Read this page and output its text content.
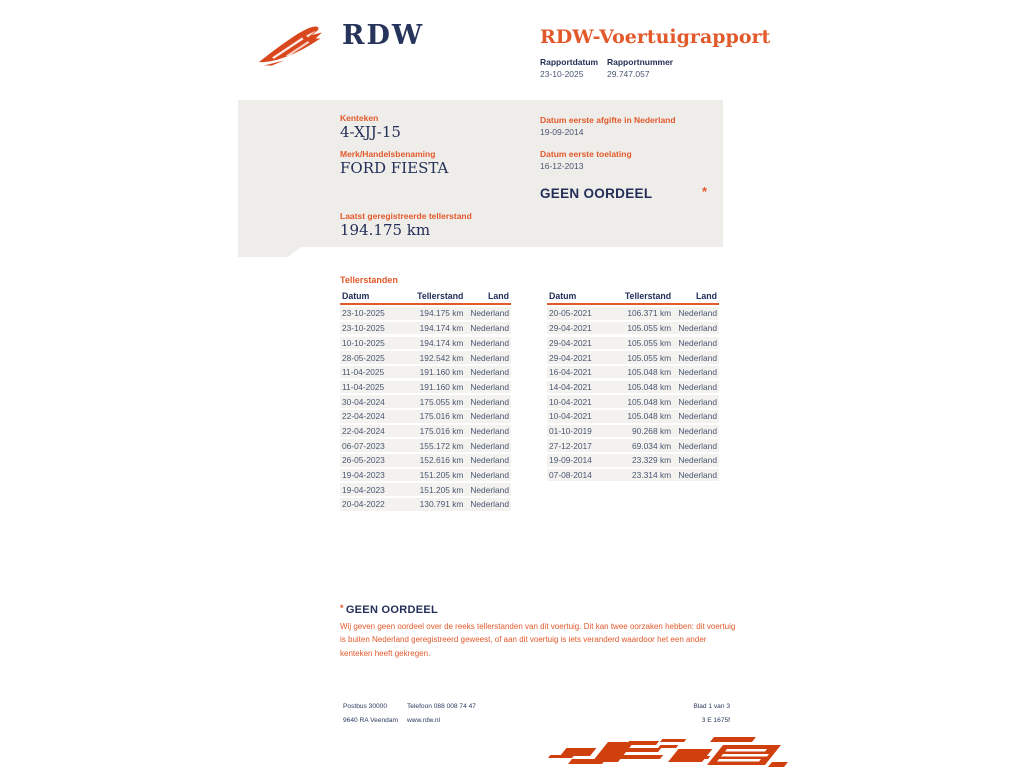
RDW	RDW-Voertuigrapport
Rapportdatum Rapportnummer
23-10-2025	29.747.057
Kenteken
4-XJJ-15
Merk/Handelsbenaming
FORD FIESTA
Laatst geregistreerde tellerstand
194.175 km
Datum eerste afgifte in Nederland
19-09-2014
Datum eerste toelating
16-12-2013
GEEN OORDEEL	*
Tellerstanden
Datum	Tellerstand	Land
23-10-2025	194.175 km Nederland
23-10-2025	194.174 km Nederland
10-10-2025	194.174 km Nederland
28-05-2025	192.542 km Nederland
11-04-2025	191.160 km Nederland
11-04-2025	191.160 km Nederland
30-04-2024	175.055 km Nederland
22-04-2024	175.016 km Nederland
22-04-2024	175.016 km Nederland
06-07-2023	155.172 km Nederland
26-05-2023	152.616 km Nederland
19-04-2023	151.205 km Nederland
19-04-2023	151.205 km Nederland
20-04-2022	130.791 km Nederland
Datum	Tellerstand	Land
20-05-2021	106.371 km Nederland
29-04-2021	105.055 km Nederland
29-04-2021	105.055 km Nederland
29-04-2021	105.055 km Nederland
16-04-2021	105.048 km Nederland
14-04-2021	105.048 km Nederland
10-04-2021	105.048 km Nederland
10-04-2021	105.048 km Nederland
01-10-2019	90.268 km Nederland
27-12-2017	69.034 km Nederland
19-09-2014	23.329 km Nederland
07-08-2014	23.314 km Nederland
* GEEN OORDEEL
Wij geven geen oordeel over de reeks tellerstanden van dit voertuig. Dit kan twee oorzaken hebben: dit voertuig is buiten Nederland geregistreerd geweest, of aan dit voertuig is iets veranderd waardoor het een ander kenteken heeft gekregen.
Postbus 30000
9640 RA Veendam
Telefoon 088 008 74 47
www.rdw.nl
Blad 1 van 3
3 E 1675f
